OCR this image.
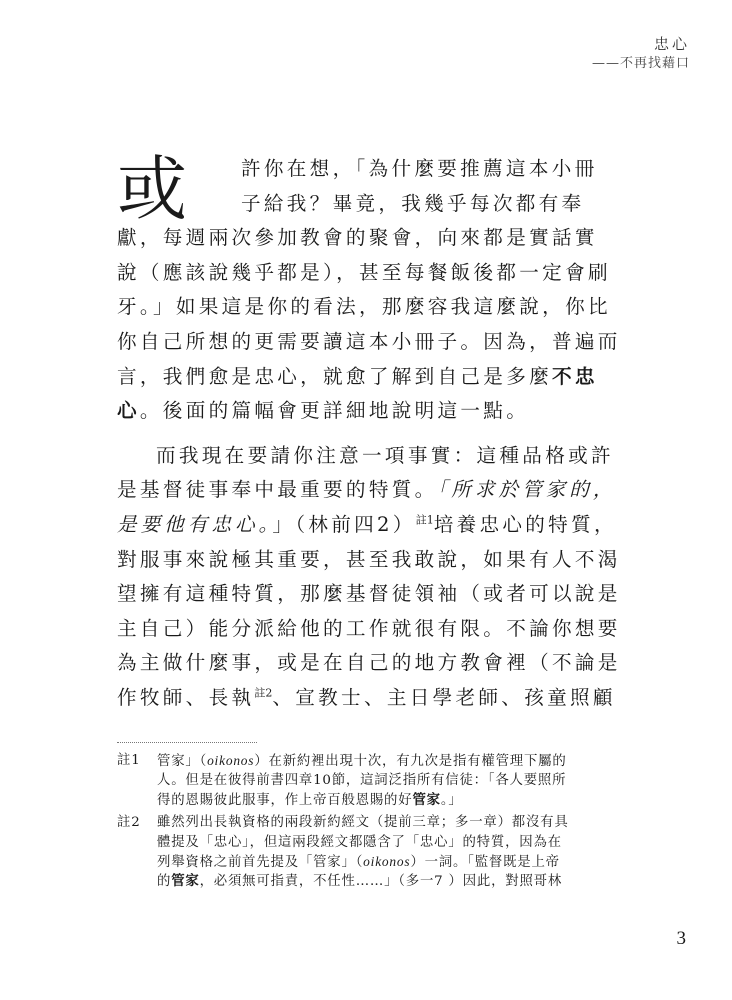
忠心
——不再找藉口

或	許你在想，「為什麼要推薦這本小冊
子給我？畢竟，我幾乎每次都有奉
獻，每週兩次參加教會的聚會，向來都是實話實
說（應該說幾乎都是），甚至每餐飯後都一定會刷
牙。」如果這是你的看法，那麼容我這麼說，你比
你自己所想的更需要讀這本小冊子。因為，普遍而
言，我們愈是忠心，就愈了解到自己是多麼不忠
心。後面的篇幅會更詳細地說明這一點。

而我現在要請你注意一項事實：這種品格或許
是基督徒事奉中最重要的特質。「所求於管家的，
是要他有忠心。」（林前四2）$^{註1}$培養忠心的特質，
對服事來說極其重要，甚至我敢說，如果有人不渴
望擁有這種特質，那麼基督徒領袖（或者可以說是
主自己）能分派給他的工作就很有限。不論你想要
為主做什麼事，或是在自己的地方教會裡（不論是
作牧師、長執$^{註2}$、宣教士、主日學老師、孩童照顧

註1	管家」（oikonos）在新約裡出現十次，有九次是指有權管理下屬的
人。但是在彼得前書四章10節，這詞泛指所有信徒：「各人要照所
得的恩賜彼此服事，作上帝百般恩賜的好管家。」
註2	雖然列出長執資格的兩段新約經文（提前三章；多一章）都沒有具
體提及「忠心」，但這兩段經文都隱含了「忠心」的特質，因為在
列舉資格之前首先提及「管家」（oikonos）一詞。「監督既是上帝
的管家，必須無可指責，不任性……」（多一7 ）因此，對照哥林
3
